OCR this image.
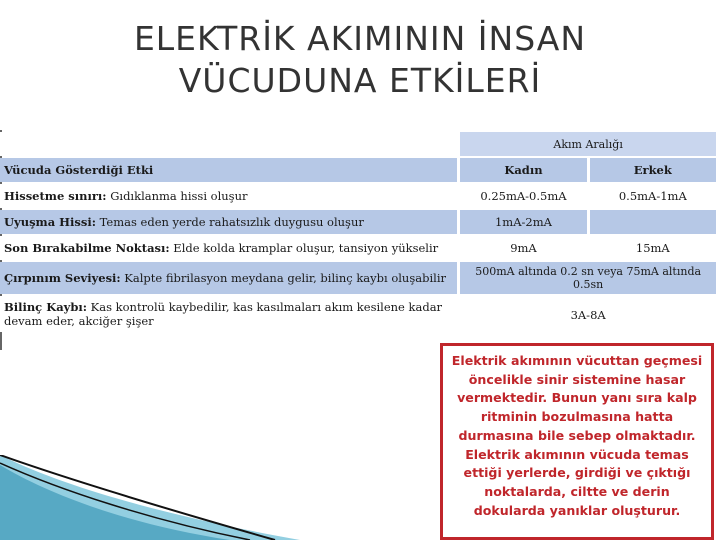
ELEKTRİK AKIMININ İNSAN
VÜCUDUNA ETKİLERİ
	Akım Aralığı	
Vücuda Gösterdiği Etki	Kadın	Erkek
Hissetme sınırı: Gıdıklanma hissi oluşur	0.25mA-0.5mA	0.5mA-1mA
Uyuşma Hissi: Temas eden yerde rahatsızlık duygusu oluşur	1mA-2mA	
Son Bırakabilme Noktası: Elde kolda kramplar oluşur, tansiyon yükselir	9mA	15mA
Çırpınım Seviyesi: Kalpte fibrilasyon meydana gelir, bilinç kaybı oluşabilir	500mA altında 0.2 sn veya 75mA altında 0.5sn	
Bilinç Kaybı: Kas kontrolü kaybedilir, kas kasılmaları akım kesilene kadar devam eder, akciğer şişer	3A-8A	
Elektrik akımının vücuttan geçmesi öncelikle sinir sistemine hasar vermektedir. Bunun yanı sıra kalp ritminin bozulmasına hatta durmasına bile sebep olmaktadır. Elektrik akımının vücuda temas ettiği yerlerde, girdiği ve çıktığı noktalarda, ciltte ve derin dokularda yanıklar oluşturur.
